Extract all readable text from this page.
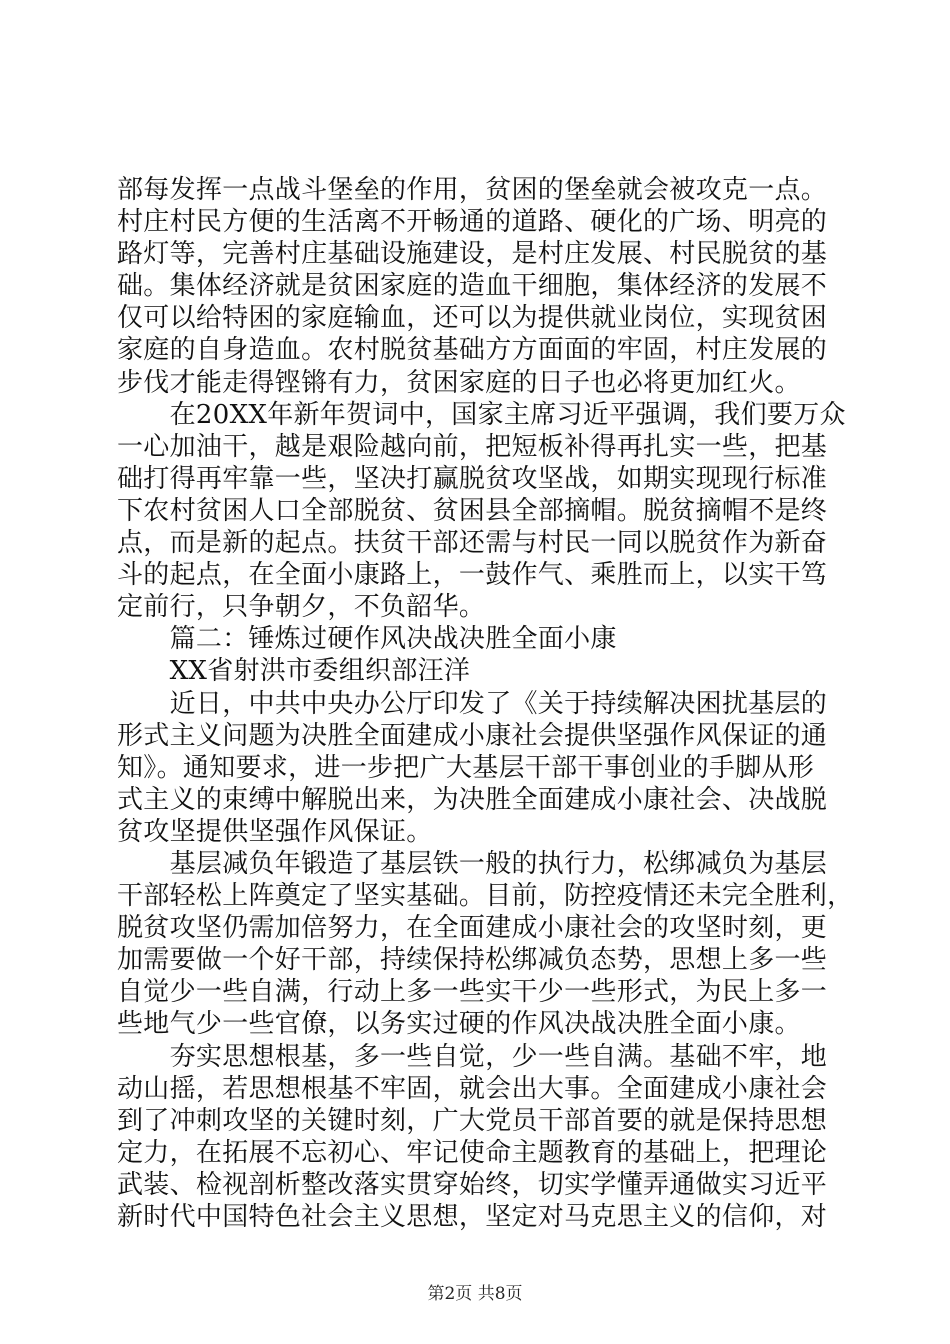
部每发挥一点战斗堡垒的作用，贫困的堡垒就会被攻克一点。

村庄村民方便的生活离不开畅通的道路、硬化的广场、明亮的

路灯等，完善村庄基础设施建设，是村庄发展、村民脱贫的基

础。集体经济就是贫困家庭的造血干细胞，集体经济的发展不

仅可以给特困的家庭输血，还可以为提供就业岗位，实现贫困

家庭的自身造血。农村脱贫基础方方面面的牢固，村庄发展的

步伐才能走得铿锵有力，贫困家庭的日子也必将更加红火。

　　在20XX年新年贺词中，国家主席习近平强调，我们要万众

一心加油干，越是艰险越向前，把短板补得再扎实一些，把基

础打得再牢靠一些，坚决打赢脱贫攻坚战，如期实现现行标准

下农村贫困人口全部脱贫、贫困县全部摘帽。脱贫摘帽不是终

点，而是新的起点。扶贫干部还需与村民一同以脱贫作为新奋

斗的起点，在全面小康路上，一鼓作气、乘胜而上，以实干笃

定前行，只争朝夕，不负韶华。

　　篇二：锤炼过硬作风决战决胜全面小康

　　XX省射洪市委组织部汪洋

　　近日，中共中央办公厅印发了《关于持续解决困扰基层的

形式主义问题为决胜全面建成小康社会提供坚强作风保证的通

知》。通知要求，进一步把广大基层干部干事创业的手脚从形

式主义的束缚中解脱出来，为决胜全面建成小康社会、决战脱

贫攻坚提供坚强作风保证。

　　基层减负年锻造了基层铁一般的执行力，松绑减负为基层

干部轻松上阵奠定了坚实基础。目前，防控疫情还未完全胜利，

脱贫攻坚仍需加倍努力，在全面建成小康社会的攻坚时刻，更

加需要做一个好干部，持续保持松绑减负态势，思想上多一些

自觉少一些自满，行动上多一些实干少一些形式，为民上多一

些地气少一些官僚，以务实过硬的作风决战决胜全面小康。

　　夯实思想根基，多一些自觉，少一些自满。基础不牢，地

动山摇，若思想根基不牢固，就会出大事。全面建成小康社会

到了冲刺攻坚的关键时刻，广大党员干部首要的就是保持思想

定力，在拓展不忘初心、牢记使命主题教育的基础上，把理论

武装、检视剖析整改落实贯穿始终，切实学懂弄通做实习近平

新时代中国特色社会主义思想，坚定对马克思主义的信仰，对

第2页 共8页
